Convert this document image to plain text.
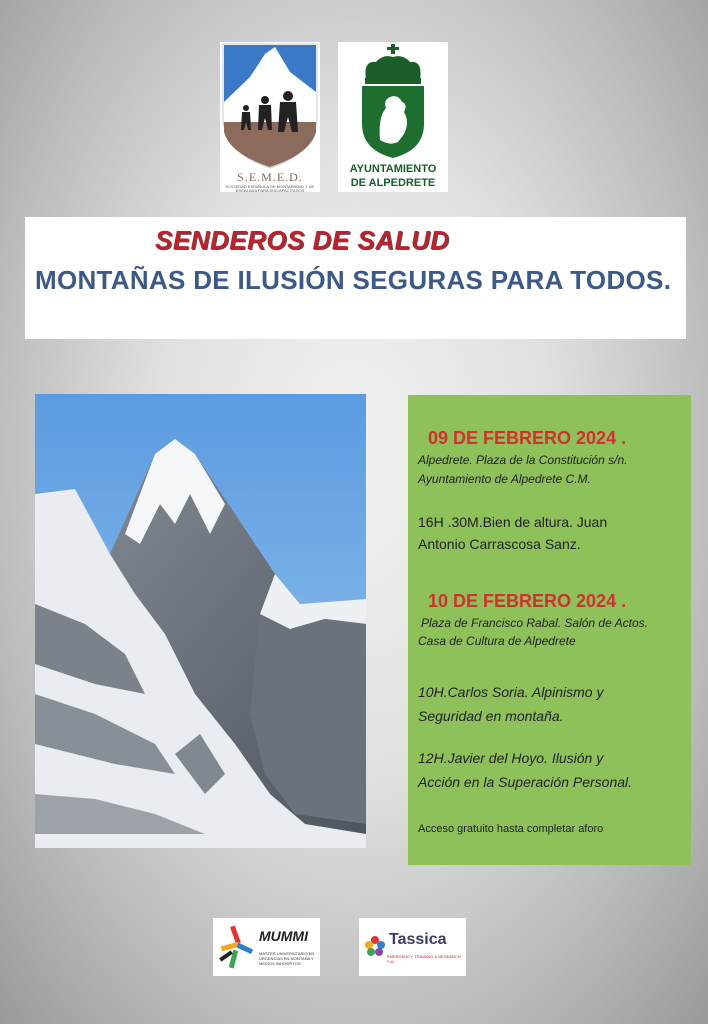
S.E.M.E.D.
SOCIEDAD ESPAÑOLA DE MONTAÑISMO Y DE ESCALADA PARA DISCAPACITADOS
AYUNTAMIENTO
DE ALPEDRETE
SENDEROS DE SALUD
MONTAÑAS DE ILUSIÓN SEGURAS PARA TODOS.
09 DE FEBRERO 2024 .
Alpedrete. Plaza de la Constitución s/n.
Ayuntamiento de Alpedrete C.M.
16H .30M.Bien de altura. Juan
Antonio Carrascosa Sanz.
10 DE FEBRERO 2024 .
Plaza de Francisco Rabal. Salón de Actos.
Casa de Cultura de Alpedrete
10H.Carlos Soria. Alpinismo y
Seguridad en montaña.
12H.Javier del Hoyo. Ilusión y
Acción en la Superación Personal.
Acceso gratuito hasta completar aforo
MUMMI
MÁSTER UNIVERSITARIO EN URGENCIAS EN MONTAÑA Y MEDIOS INHÓSPITOS
Tassica
EMERGENCY, TRAINING & RESEARCH S.A.
